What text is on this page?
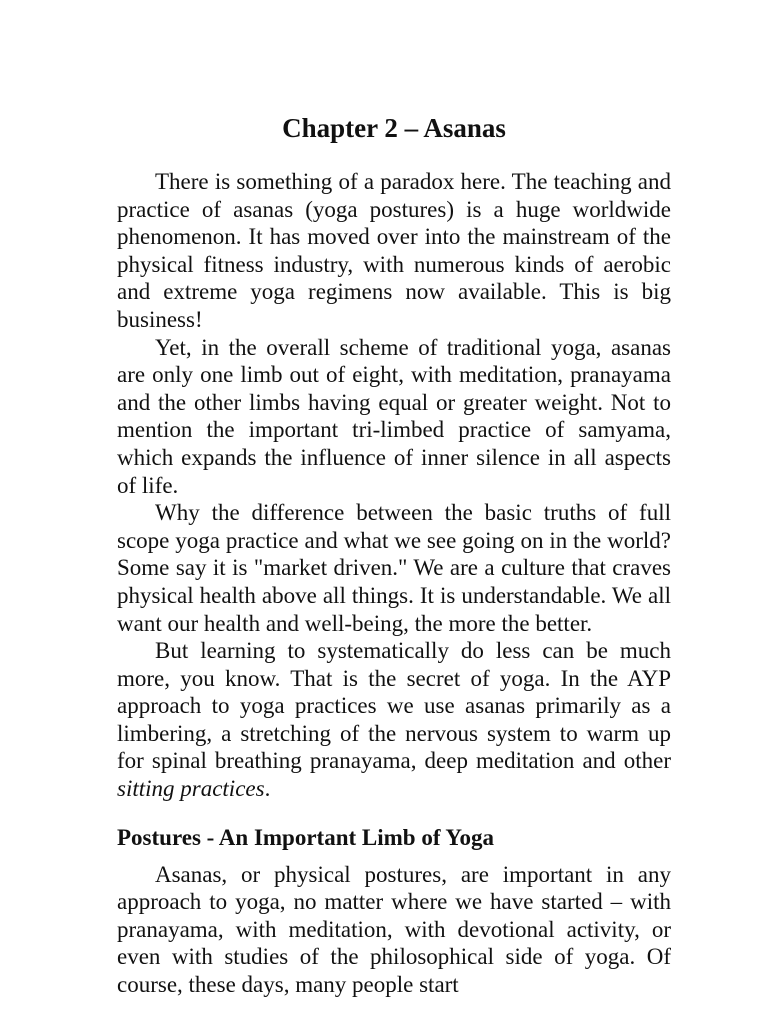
Chapter 2 – Asanas

There is something of a paradox here. The teaching and practice of asanas (yoga postures) is a huge worldwide phenomenon. It has moved over into the mainstream of the physical fitness industry, with numerous kinds of aerobic and extreme yoga regimens now available. This is big business!

Yet, in the overall scheme of traditional yoga, asanas are only one limb out of eight, with meditation, pranayama and the other limbs having equal or greater weight. Not to mention the important tri-limbed practice of samyama, which expands the influence of inner silence in all aspects of life.

Why the difference between the basic truths of full scope yoga practice and what we see going on in the world? Some say it is "market driven." We are a culture that craves physical health above all things. It is understandable. We all want our health and well-being, the more the better.

But learning to systematically do less can be much more, you know. That is the secret of yoga. In the AYP approach to yoga practices we use asanas primarily as a limbering, a stretching of the nervous system to warm up for spinal breathing pranayama, deep meditation and other sitting practices.

Postures - An Important Limb of Yoga

Asanas, or physical postures, are important in any approach to yoga, no matter where we have started – with pranayama, with meditation, with devotional activity, or even with studies of the philosophical side of yoga. Of course, these days, many people start
